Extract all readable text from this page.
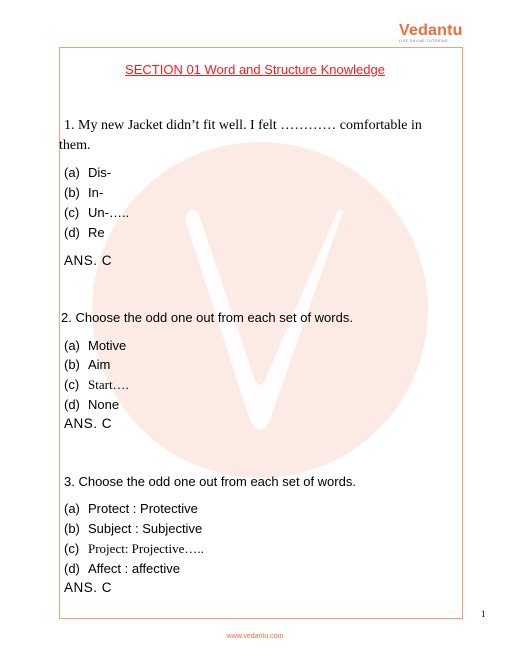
Vedantu
LIVE ONLINE TUTORING
SECTION 01 Word and Structure Knowledge
1. My new Jacket didn’t fit well. I felt ………… comfortable in
them.
(a) Dis-
(b) In-
(c) Un-…..
(d) Re
ANS. C
2. Choose the odd one out from each set of words.
(a) Motive
(b) Aim
(c) Start….
(d) None
ANS. C
3. Choose the odd one out from each set of words.
(a) Protect : Protective
(b) Subject : Subjective
(c) Project: Projective…..
(d) Affect : affective
ANS. C
1
www.vedantu.com
